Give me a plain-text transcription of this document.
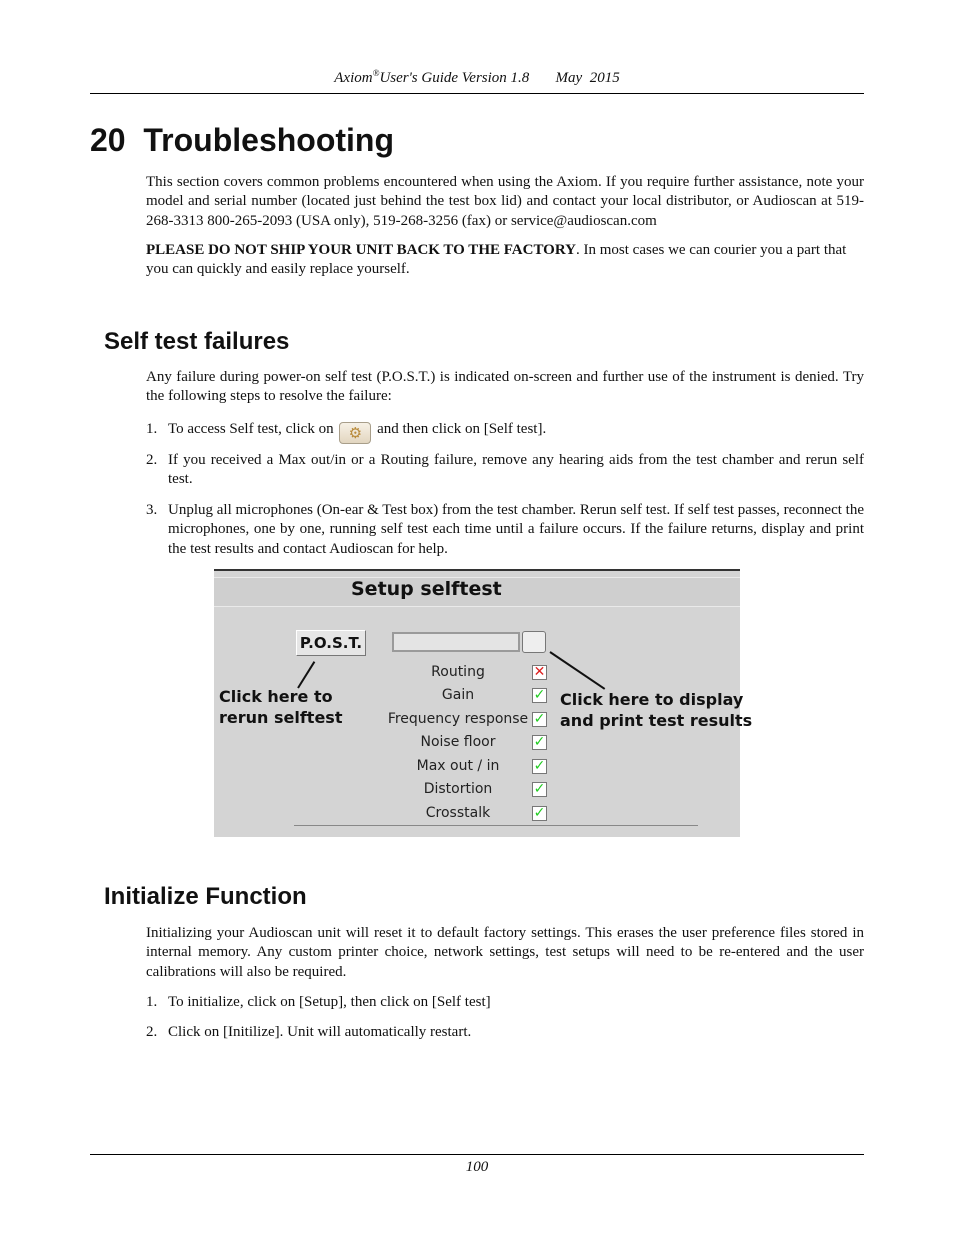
Axiom®User's Guide Version 1.8       May  2015
20  Troubleshooting

This section covers common problems encountered when using the Axiom. If you require further assistance, note your model and serial number (located just behind the test box lid) and contact your local distributor, or Audioscan at 519-268-3313 800-265-2093 (USA only), 519-268-3256 (fax) or service@audioscan.com

PLEASE DO NOT SHIP YOUR UNIT BACK TO THE FACTORY. In most cases we can courier you a part that you can quickly and easily replace yourself.

Self test failures

Any failure during power-on self test (P.O.S.T.) is indicated on-screen and further use of the instrument is denied. Try the following steps to resolve the failure:

1. To access Self test, click on ⚙ and then click on [Self test].
2. If you received a Max out/in or a Routing failure, remove any hearing aids from the test chamber and rerun self test.
3. Unplug all microphones (On-ear & Test box) from the test chamber. Rerun self test. If self test passes, reconnect the microphones, one by one, running self test each time until a failure occurs. If the failure returns, display and print the test results and contact Audioscan for help.
Setup selftest
P.O.S.T.
Routing
Gain
Frequency response
Noise floor
Max out / in
Distortion
Crosstalk
✕
✓
✓
✓
✓
✓
✓
Click here to
rerun selftest
Click here to display
and print test results
Initialize Function

Initializing your Audioscan unit will reset it to default factory settings. This erases the user preference files stored in internal memory. Any custom printer choice, network settings, test setups will need to be re-entered and the user calibrations will also be required.

1. To initialize, click on [Setup], then click on [Self test]
2. Click on [Initilize]. Unit will automatically restart.
100
